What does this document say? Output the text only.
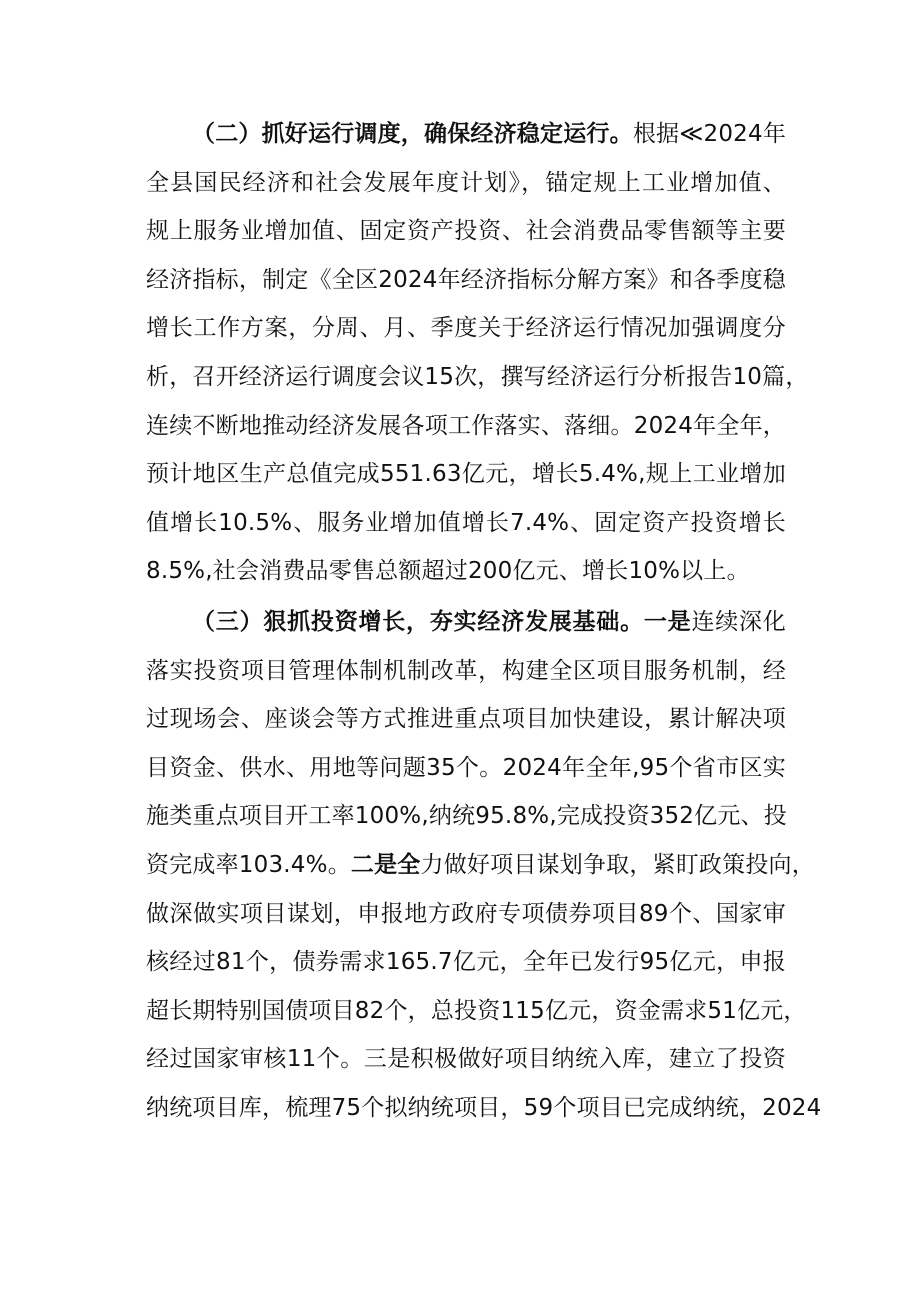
（二）抓好运行调度，确保经济稳定运行。根据≪2024年
全县国民经济和社会发展年度计划》，锚定规上工业增加值、
规上服务业增加值、固定资产投资、社会消费品零售额等主要
经济指标，制定《全区2024年经济指标分解方案》和各季度稳
增长工作方案，分周、月、季度关于经济运行情况加强调度分
析，召开经济运行调度会议15次，撰写经济运行分析报告10篇，
连续不断地推动经济发展各项工作落实、落细。2024年全年，
预计地区生产总值完成551.63亿元，增长5.4%,规上工业增加
值增长10.5%、服务业增加值增长7.4%、固定资产投资增长
8.5%,社会消费品零售总额超过200亿元、增长10%以上。
（三）狠抓投资增长，夯实经济发展基础。一是连续深化
落实投资项目管理体制机制改革，构建全区项目服务机制，经
过现场会、座谈会等方式推进重点项目加快建设，累计解决项
目资金、供水、用地等问题35个。2024年全年,95个省市区实
施类重点项目开工率100%,纳统95.8%,完成投资352亿元、投
资完成率103.4%。二是全力做好项目谋划争取，紧盯政策投向，
做深做实项目谋划，申报地方政府专项债券项目89个、国家审
核经过81个，债券需求165.7亿元，全年已发行95亿元，申报
超长期特别国债项目82个，总投资115亿元，资金需求51亿元，
经过国家审核11个。三是积极做好项目纳统入库，建立了投资
纳统项目库，梳理75个拟纳统项目，59个项目已完成纳统，2024
